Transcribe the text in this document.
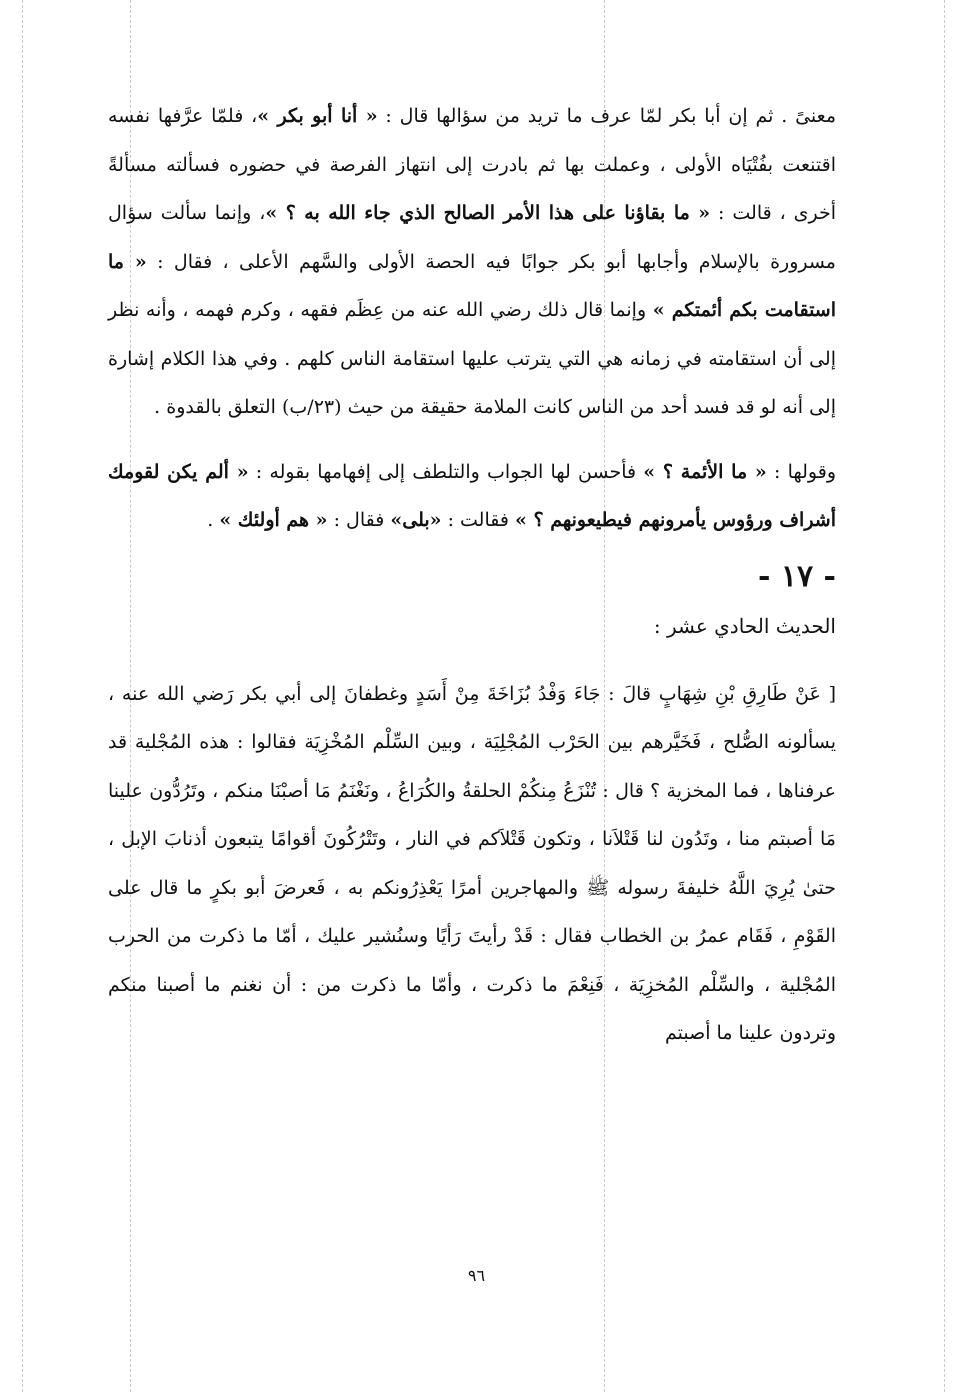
معنىً . ثم إن أبا بكر لمّا عرف ما تريد من سؤالها قال : « أنا أبو بكر »، فلمّا عرَّفها نفسه اقتنعت بفُتْيَاه الأولى ، وعملت بها ثم بادرت إلى انتهاز الفرصة في حضوره فسألته مسألةً أخرى ، قالت : « ما بقاؤنا على هذا الأمر الصالح الذي جاء الله به ؟ »، وإنما سألت سؤال مسرورة بالإسلام وأجابها أبو بكر جوابًا فيه الحصة الأولى والسَّهم الأعلى ، فقال : « ما استقامت بكم أئمتكم » وإنما قال ذلك رضي الله عنه من عِظَم فقهه ، وكرم فهمه ، وأنه نظر إلى أن استقامته في زمانه هي التي يترتب عليها استقامة الناس كلهم . وفي هذا الكلام إشارة إلى أنه لو قد فسد أحد من الناس كانت الملامة حقيقة من حيث (٢٣/ب) التعلق بالقدوة .

وقولها : « ما الأئمة ؟ » فأحسن لها الجواب والتلطف إلى إفهامها بقوله : « ألم يكن لقومك أشراف ورؤوس يأمرونهم فيطيعونهم ؟ » فقالت : «بلى» فقال : « هم أولئك » .

- ١٧ -

الحديث الحادي عشر :

[ عَنْ طَارِقِ بْنِ شِهَابٍ قالَ : جَاءَ وَفْدُ بُزَاخَةَ مِنْ أَسَدٍ وغطفانَ إلى أبي بكر رَضي الله عنه ، يسألونه الصُّلح ، فَخَيَّرهم بين الحَرْب المُجْلِيَة ، وبين السِّلْم المُخْزِيَة فقالوا : هذه المُجْلية قد عرفناها ، فما المخزية ؟ قال : تُنْزَعُ مِنكُمْ الحلقةُ والكُرَاعُ ، ونَغْنَمُ مَا أصبْنَا منكم ، وتَرُدُّون علينا مَا أصبتم منا ، وتَدُون لنا قَتْلاَنا ، وتكون قَتْلاَكم في النار ، وتَتْرُكُونَ أقوامًا يتبعون أذنابَ الإبل ، حتىٰ يُرِيَ اللَّهُ خليفةَ رسوله ﷺ والمهاجرين أمرًا يَعْذِرُونكم به ، فَعرضَ أبو بكرٍ ما قال على القَوْمِ ، فَقَام عمرُ بن الخطاب فقال : قَدْ رأيتَ رَأيًا وسنُشير عليك ، أمّا ما ذكرت من الحرب المُجْلية ، والسِّلْم المُخزِيَة ، فَنِعْمَ ما ذكرت ، وأمّا ما ذكرت من : أن نغنم ما أصبنا منكم وتردون علينا ما أصبتم

٩٦
